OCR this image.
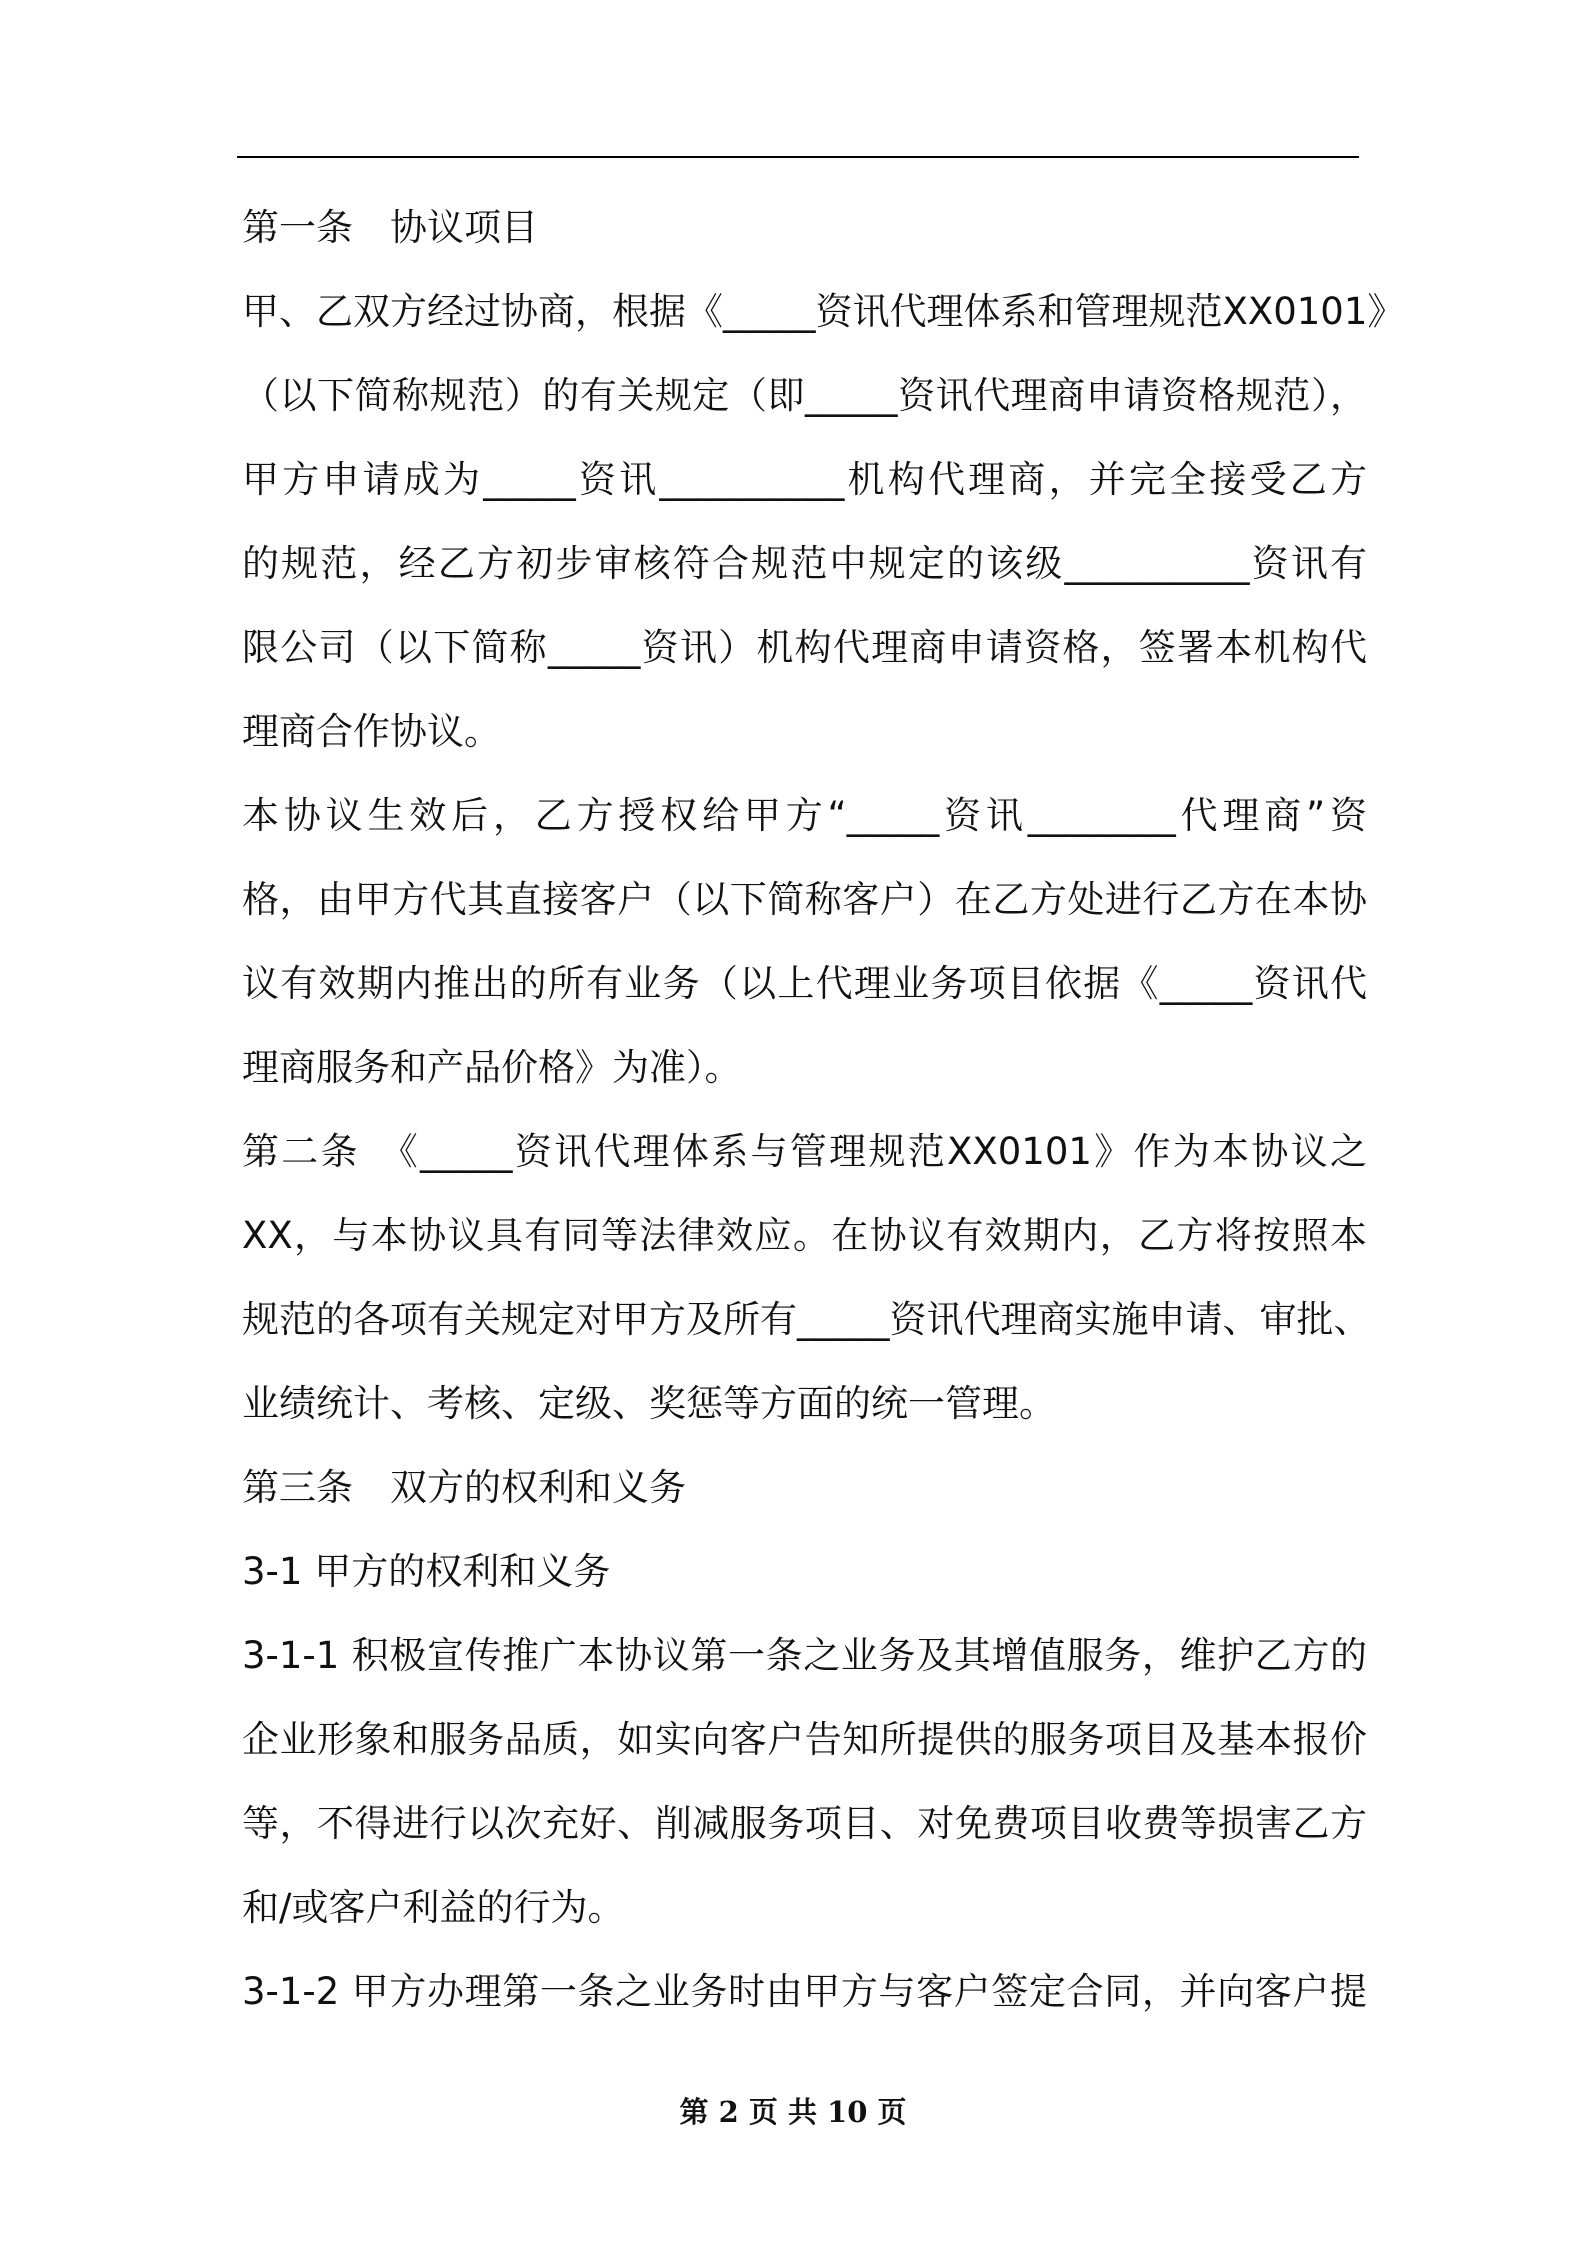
第一条　协议项目
甲、乙双方经过协商，根据《_____资讯代理体系和管理规范XX0101》
（以下简称规范）的有关规定（即_____资讯代理商申请资格规范），
甲方申请成为_____资讯__________机构代理商，并完全接受乙方
的规范，经乙方初步审核符合规范中规定的该级__________资讯有
限公司（以下简称_____资讯）机构代理商申请资格，签署本机构代
理商合作协议。
本协议生效后，乙方授权给甲方“_____资讯________代理商”资
格，由甲方代其直接客户（以下简称客户）在乙方处进行乙方在本协
议有效期内推出的所有业务（以上代理业务项目依据《_____资讯代
理商服务和产品价格》为准）。
第二条　《_____资讯代理体系与管理规范XX0101》作为本协议之
XX，与本协议具有同等法律效应。在协议有效期内，乙方将按照本
规范的各项有关规定对甲方及所有_____资讯代理商实施申请、审批、
业绩统计、考核、定级、奖惩等方面的统一管理。
第三条　双方的权利和义务
3-1 甲方的权利和义务
3-1-1 积极宣传推广本协议第一条之业务及其增值服务，维护乙方的
企业形象和服务品质，如实向客户告知所提供的服务项目及基本报价
等，不得进行以次充好、削减服务项目、对免费项目收费等损害乙方
和/或客户利益的行为。
3-1-2 甲方办理第一条之业务时由甲方与客户签定合同，并向客户提
第 2 页 共 10 页
